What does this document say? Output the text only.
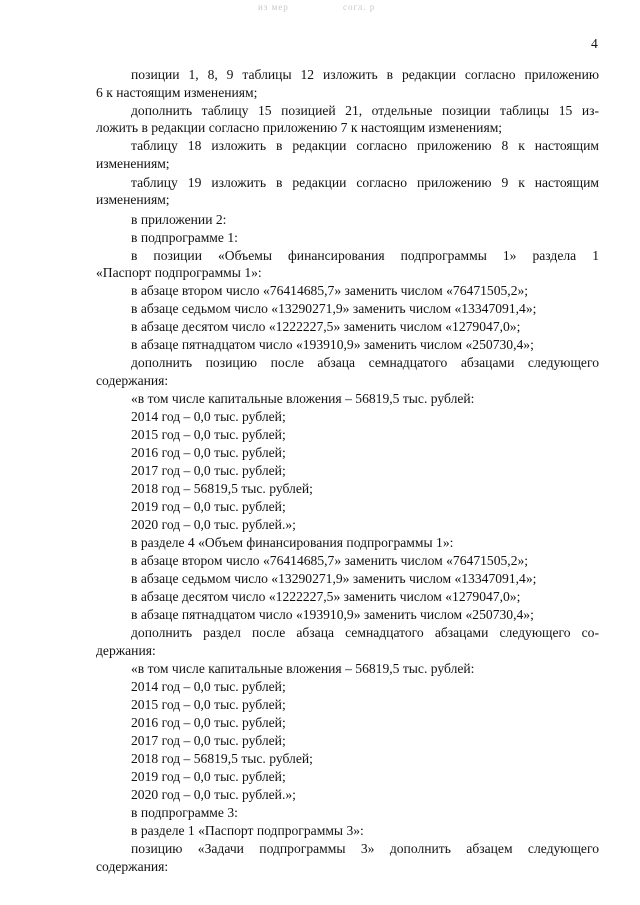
из мер	согл. р
4
позиции 1, 8, 9 таблицы 12 изложить в редакции согласно приложению
6 к настоящим изменениям;
дополнить таблицу 15 позицией 21, отдельные позиции таблицы 15 из-
ложить в редакции согласно приложению 7 к настоящим изменениям;
таблицу 18 изложить в редакции согласно приложению 8 к настоящим
изменениям;
таблицу 19 изложить в редакции согласно приложению 9 к настоящим
изменениям;
в приложении 2:
в подпрограмме 1:
в позиции «Объемы финансирования подпрограммы 1» раздела 1
«Паспорт подпрограммы 1»:
в абзаце втором число «76414685,7» заменить числом «76471505,2»;
в абзаце седьмом число «13290271,9» заменить числом «13347091,4»;
в абзаце десятом число «1222227,5» заменить числом «1279047,0»;
в абзаце пятнадцатом число «193910,9» заменить числом «250730,4»;
дополнить позицию после абзаца семнадцатого абзацами следующего
содержания:
«в том числе капитальные вложения – 56819,5 тыс. рублей:
2014 год – 0,0 тыс. рублей;
2015 год – 0,0 тыс. рублей;
2016 год – 0,0 тыс. рублей;
2017 год – 0,0 тыс. рублей;
2018 год – 56819,5 тыс. рублей;
2019 год – 0,0 тыс. рублей;
2020 год – 0,0 тыс. рублей.»;
в разделе 4 «Объем финансирования подпрограммы 1»:
в абзаце втором число «76414685,7» заменить числом «76471505,2»;
в абзаце седьмом число «13290271,9» заменить числом «13347091,4»;
в абзаце десятом число «1222227,5» заменить числом «1279047,0»;
в абзаце пятнадцатом число «193910,9» заменить числом «250730,4»;
дополнить раздел после абзаца семнадцатого абзацами следующего со-
держания:
«в том числе капитальные вложения – 56819,5 тыс. рублей:
2014 год – 0,0 тыс. рублей;
2015 год – 0,0 тыс. рублей;
2016 год – 0,0 тыс. рублей;
2017 год – 0,0 тыс. рублей;
2018 год – 56819,5 тыс. рублей;
2019 год – 0,0 тыс. рублей;
2020 год – 0,0 тыс. рублей.»;
в подпрограмме 3:
в разделе 1 «Паспорт подпрограммы 3»:
позицию «Задачи подпрограммы 3» дополнить абзацем следующего
содержания:
